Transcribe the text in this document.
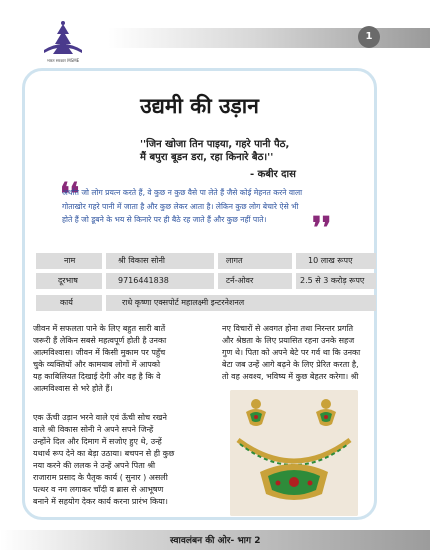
भारत सरकार MSME
1
उद्यमी की उड़ान
''जिन खोजा तिन पाइया, गहरे पानी पैठ,
मैं बपुरा बूडन डरा, रहा किनारे बैठ।''
- कबीर दास
❛❛
अर्थात जो लोग प्रयत्न करते हैं, वे कुछ न कुछ वैसे पा लेते हैं जैसे कोई मेहनत करने वाला
गोताखोर गहरे पानी में जाता है और कुछ लेकर आता है। लेकिन कुछ लोग बेचारे ऐसे भी
होते हैं जो डूबने के भय से किनारे पर ही बैठे रह जाते हैं और कुछ नहीं पाते।	❜❜
नाम	श्री विकास सोनी	लागत	10 लाख रूपए
दूरभाष	9716441838	टर्न-ओवर	2.5 से 3 करोड़ रूपए
कार्य	राधे कृष्णा एक्सपोर्ट महालक्ष्मी इन्टरनेशनल
जीवन में सफलता पाने के लिए बहुत सारी बातें
जरूरी हैं लेकिन सबसे महत्वपूर्ण होती है उनका
आत्मविश्वास। जीवन में किसी मुकाम पर पहुँच
चुके व्यक्तियों और कामयाब लोगों में आपको
यह काबिलियत दिखाई देगी और वह है कि वे
आत्मविश्वास से भरे होते हैं।
एक ऊँची उड़ान भरने वाले एवं ऊँची सोच रखने
वाले श्री विकास सोनी ने अपने सपने जिन्हें
उन्होंने दिल और दिमाग में सजोए हुए थे, उन्हें
यथार्थ रूप देने का बेड़ा उठाया। बचपन से ही कुछ
नया करने की ललक ने उन्हें अपने पिता श्री
राजाराम प्रसाद के पैतृक कार्य ( सुनार ) असली
पत्थर व नग लगाकर चाँदी व ब्रास से आभूषण
बनाने में सहयोग देकर कार्य करना प्रारंभ किया।
नए विचारों से अवगत होना तथा निरन्तर प्रगति
और श्रेष्ठता के लिए प्रयासित रहना उनके सहज
गुण थे। पिता को अपने बेटे पर गर्व था कि उनका
बेटा जब उन्हें आगे बढ़ने के लिए प्रेरित करता है,
तो वह अवश्य, भविष्य में कुछ बेहतर करेगा। श्री
स्वावलंबन की ओर- भाग 2
